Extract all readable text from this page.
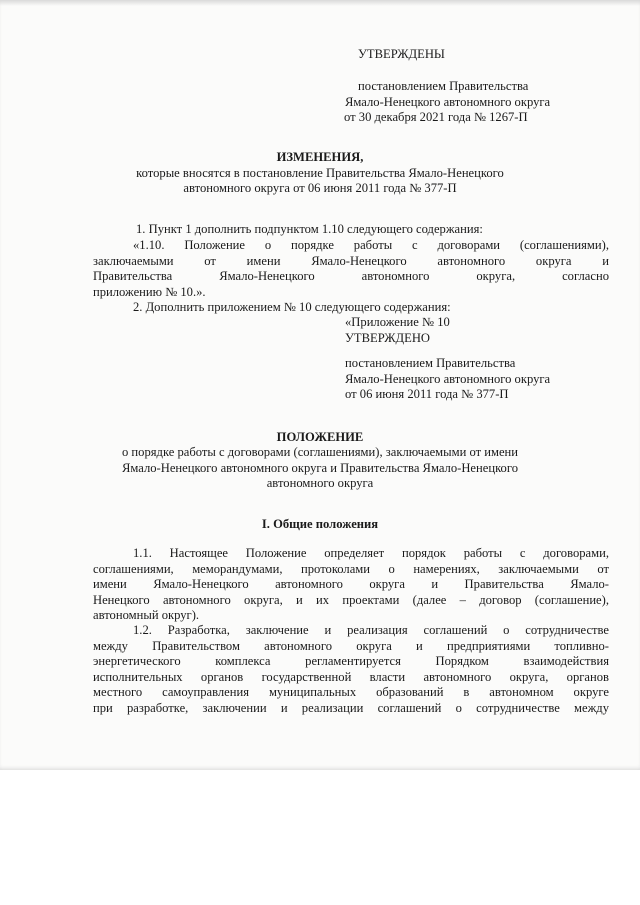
УТВЕРЖДЕНЫ
постановлением Правительства
Ямало-Ненецкого автономного округа
от 30 декабря 2021 года № 1267-П
ИЗМЕНЕНИЯ,
которые вносятся в постановление Правительства Ямало-Ненецкого
автономного округа от 06 июня 2011 года № 377-П
1. Пункт 1 дополнить подпунктом 1.10 следующего содержания:
«1.10. Положение о порядке работы с договорами (соглашениями),
заключаемыми от имени Ямало-Ненецкого автономного округа и
Правительства Ямало-Ненецкого автономного округа, согласно
приложению № 10.».
2. Дополнить приложением № 10 следующего содержания:
«Приложение № 10
УТВЕРЖДЕНО
постановлением Правительства
Ямало-Ненецкого автономного округа
от 06 июня 2011 года № 377-П
ПОЛОЖЕНИЕ
о порядке работы с договорами (соглашениями), заключаемыми от имени
Ямало-Ненецкого автономного округа и Правительства Ямало-Ненецкого
автономного округа
I. Общие положения
1.1. Настоящее Положение определяет порядок работы с договорами,
соглашениями, меморандумами, протоколами о намерениях, заключаемыми от
имени Ямало-Ненецкого автономного округа и Правительства Ямало-
Ненецкого автономного округа, и их проектами (далее – договор (соглашение),
автономный округ).
1.2. Разработка, заключение и реализация соглашений о сотрудничестве
между Правительством автономного округа и предприятиями топливно-
энергетического комплекса регламентируется Порядком взаимодействия
исполнительных органов государственной власти автономного округа, органов
местного самоуправления муниципальных образований в автономном округе
при разработке, заключении и реализации соглашений о сотрудничестве между
